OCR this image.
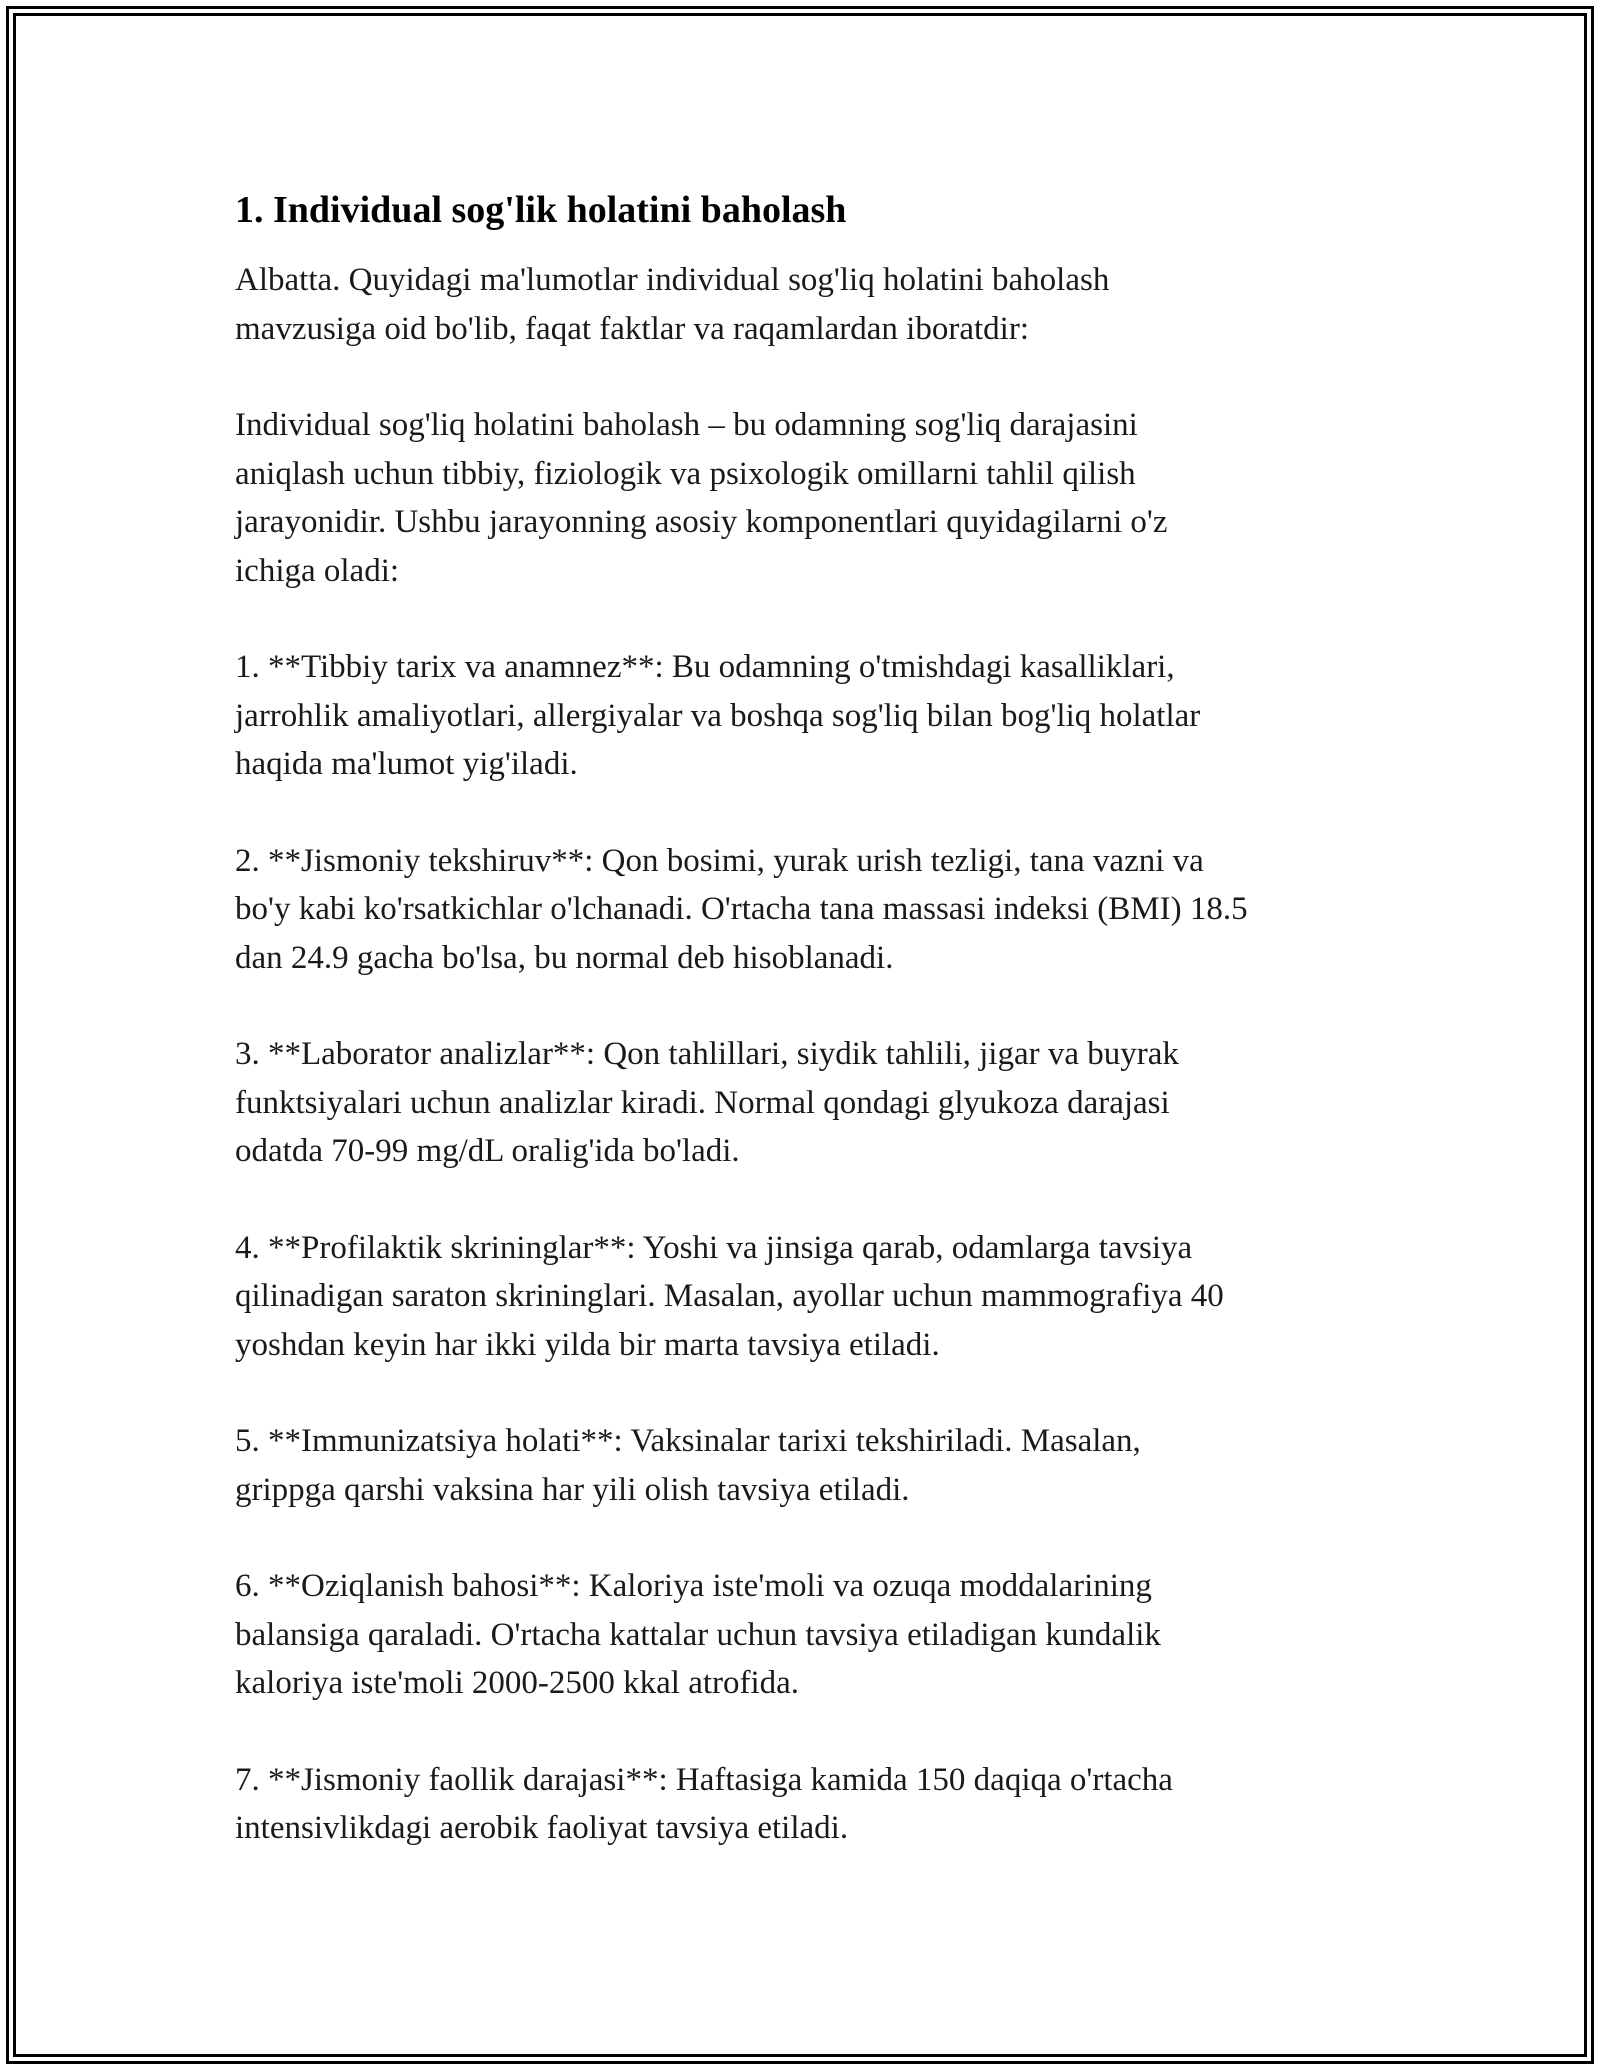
1. Individual sog'lik holatini baholash

Albatta. Quyidagi ma'lumotlar individual sog'liq holatini baholash
mavzusiga oid bo'lib, faqat faktlar va raqamlardan iboratdir:

Individual sog'liq holatini baholash – bu odamning sog'liq darajasini
aniqlash uchun tibbiy, fiziologik va psixologik omillarni tahlil qilish
jarayonidir. Ushbu jarayonning asosiy komponentlari quyidagilarni o'z
ichiga oladi:

1. **Tibbiy tarix va anamnez**: Bu odamning o'tmishdagi kasalliklari,
jarrohlik amaliyotlari, allergiyalar va boshqa sog'liq bilan bog'liq holatlar
haqida ma'lumot yig'iladi.

2. **Jismoniy tekshiruv**: Qon bosimi, yurak urish tezligi, tana vazni va
bo'y kabi ko'rsatkichlar o'lchanadi. O'rtacha tana massasi indeksi (BMI) 18.5
dan 24.9 gacha bo'lsa, bu normal deb hisoblanadi.

3. **Laborator analizlar**: Qon tahlillari, siydik tahlili, jigar va buyrak
funktsiyalari uchun analizlar kiradi. Normal qondagi glyukoza darajasi
odatda 70-99 mg/dL oralig'ida bo'ladi.

4. **Profilaktik skrininglar**: Yoshi va jinsiga qarab, odamlarga tavsiya
qilinadigan saraton skrininglari. Masalan, ayollar uchun mammografiya 40
yoshdan keyin har ikki yilda bir marta tavsiya etiladi.

5. **Immunizatsiya holati**: Vaksinalar tarixi tekshiriladi. Masalan,
grippga qarshi vaksina har yili olish tavsiya etiladi.

6. **Oziqlanish bahosi**: Kaloriya iste'moli va ozuqa moddalarining
balansiga qaraladi. O'rtacha kattalar uchun tavsiya etiladigan kundalik
kaloriya iste'moli 2000-2500 kkal atrofida.

7. **Jismoniy faollik darajasi**: Haftasiga kamida 150 daqiqa o'rtacha
intensivlikdagi aerobik faoliyat tavsiya etiladi.
